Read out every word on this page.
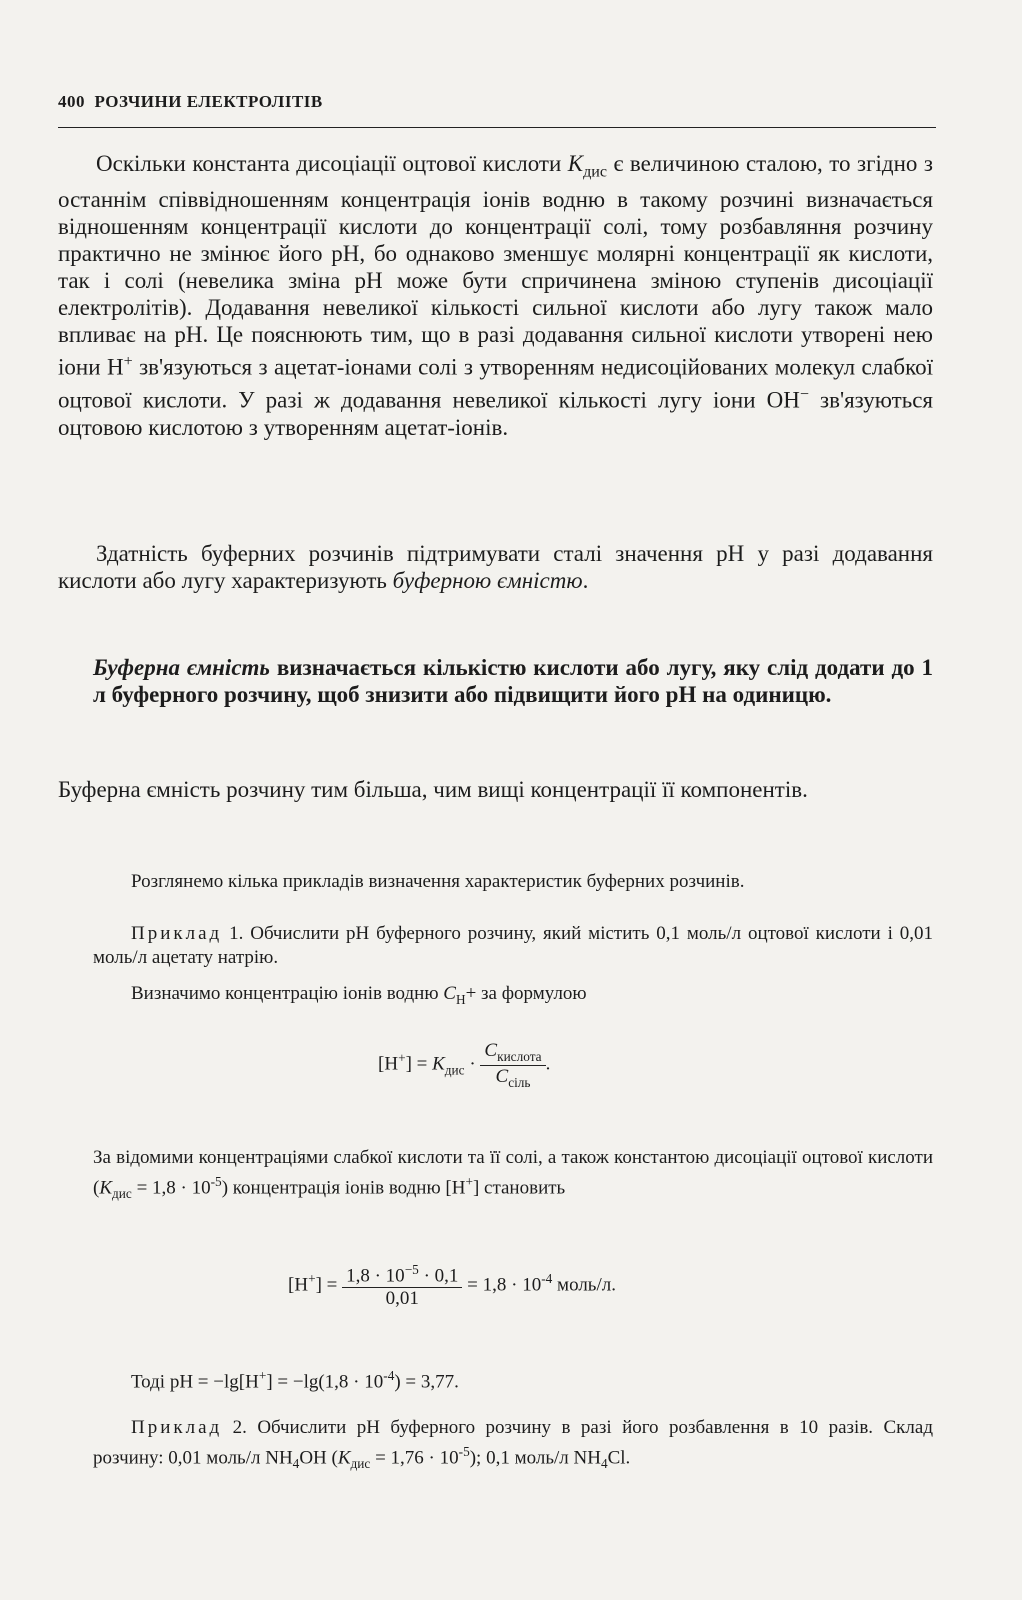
400 РОЗЧИНИ ЕЛЕКТРОЛІТІВ

Оскільки константа дисоціації оцтової кислоти $K_{дис}$ є величиною сталою, то згідно з останнім співвідношенням концентрація іонів водню в такому розчині визначається відношенням концентрації кислоти до концентрації солі, тому розбавляння розчину практично не змінює його pH, бо однаково зменшує молярні концентрації як кислоти, так і солі (невелика зміна pH може бути спричинена зміною ступенів дисоціації електролітів). Додавання невеликої кількості сильної кислоти або лугу також мало впливає на pH. Це пояснюють тим, що в разі додавання сильної кислоти утворені нею іони H+ зв'язуються з ацетат-іонами солі з утворенням недисоційованих молекул слабкої оцтової кислоти. У разі ж додавання невеликої кількості лугу іони OH− зв'язуються оцтовою кислотою з утворенням ацетат-іонів.

Здатність буферних розчинів підтримувати сталі значення pH у разі додавання кислоти або лугу характеризують буферною ємністю.

Буферна ємність визначається кількістю кислоти або лугу, яку слід додати до 1 л буферного розчину, щоб знизити або підвищити його pH на одиницю.

Буферна ємність розчину тим більша, чим вищі концентрації її компонентів.

Розглянемо кілька прикладів визначення характеристик буферних розчинів.

Приклад 1. Обчислити pH буферного розчину, який містить 0,1 моль/л оцтової кислоти і 0,01 моль/л ацетату натрію.

Визначимо концентрацію іонів водню $C_H+$ за формулою

$[H^+] = K_{дис} \cdot \frac{C_{кислота}}{C_{сіль}}$ .

За відомими концентраціями слабкої кислоти та її солі, а також константою дисоціації оцтової кислоти $(K_{дис} = 1,8 \cdot 10^{-5})$ концентрація іонів водню [H+] становить

$[H^+] = \frac{1,8 \cdot 10^{-5} \cdot 0,1}{0,01} = 1,8 \cdot 10^{-4}$ моль/л.

Тоді pH = $-\lg[H^+] = -\lg(1,8 \cdot 10^{-4}) = 3,77$.

Приклад 2. Обчислити pH буферного розчину в разі його розбавлення в 10 разів. Склад розчину: 0,01 моль/л $NH_4OH$ $(K_{дис} = 1,76 \cdot 10^{-5})$; 0,1 моль/л $NH_4Cl$.
